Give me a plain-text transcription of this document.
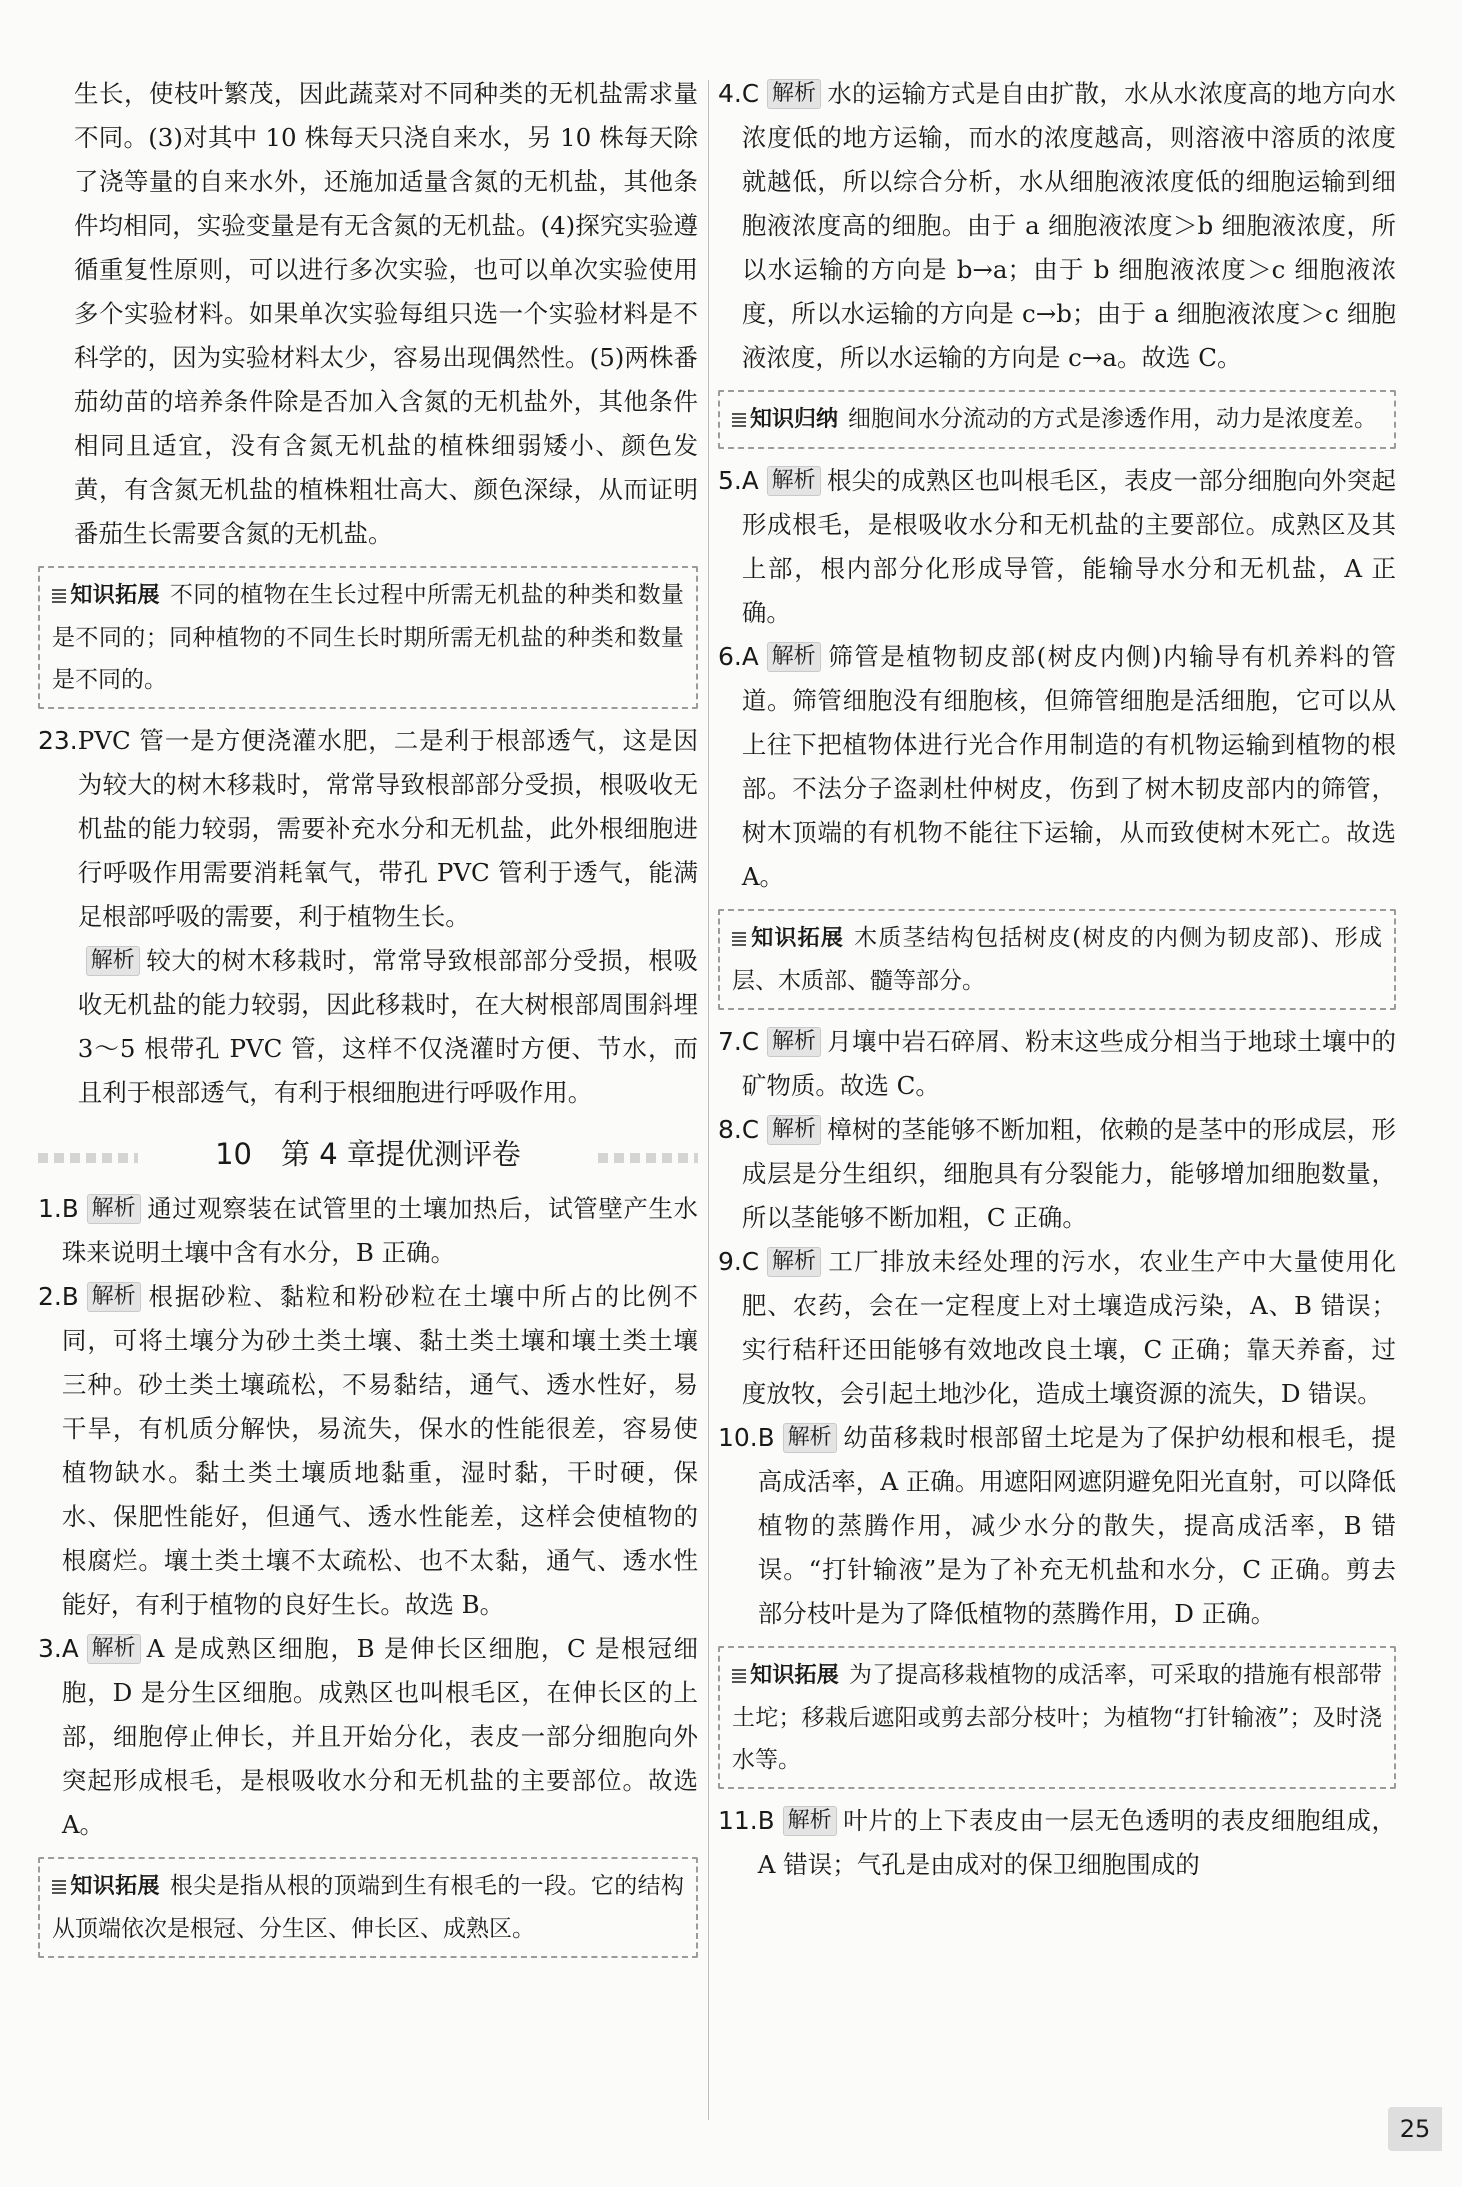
生长，使枝叶繁茂，因此蔬菜对不同种类的无机盐需求量不同。(3)对其中 10 株每天只浇自来水，另 10 株每天除了浇等量的自来水外，还施加适量含氮的无机盐，其他条件均相同，实验变量是有无含氮的无机盐。(4)探究实验遵循重复性原则，可以进行多次实验，也可以单次实验使用多个实验材料。如果单次实验每组只选一个实验材料是不科学的，因为实验材料太少，容易出现偶然性。(5)两株番茄幼苗的培养条件除是否加入含氮的无机盐外，其他条件相同且适宜，没有含氮无机盐的植株细弱矮小、颜色发黄，有含氮无机盐的植株粗壮高大、颜色深绿，从而证明番茄生长需要含氮的无机盐。

知识拓展 不同的植物在生长过程中所需无机盐的种类和数量是不同的；同种植物的不同生长时期所需无机盐的种类和数量是不同的。

23. PVC 管一是方便浇灌水肥，二是利于根部透气，这是因为较大的树木移栽时，常常导致根部部分受损，根吸收无机盐的能力较弱，需要补充水分和无机盐，此外根细胞进行呼吸作用需要消耗氧气，带孔 PVC 管利于透气，能满足根部呼吸的需要，利于植物生长。

解析 较大的树木移栽时，常常导致根部部分受损，根吸收无机盐的能力较弱，因此移栽时，在大树根部周围斜埋 3～5 根带孔 PVC 管，这样不仅浇灌时方便、节水，而且利于根部透气，有利于根细胞进行呼吸作用。

10　第 4 章提优测评卷
1. B 解析 通过观察装在试管里的土壤加热后，试管壁产生水珠来说明土壤中含有水分，B 正确。

2. B 解析 根据砂粒、黏粒和粉砂粒在土壤中所占的比例不同，可将土壤分为砂土类土壤、黏土类土壤和壤土类土壤三种。砂土类土壤疏松，不易黏结，通气、透水性好，易干旱，有机质分解快，易流失，保水的性能很差，容易使植物缺水。黏土类土壤质地黏重，湿时黏，干时硬，保水、保肥性能好，但通气、透水性能差，这样会使植物的根腐烂。壤土类土壤不太疏松、也不太黏，通气、透水性能好，有利于植物的良好生长。故选 B。

3. A 解析 A 是成熟区细胞，B 是伸长区细胞，C 是根冠细胞，D 是分生区细胞。成熟区也叫根毛区，在伸长区的上部，细胞停止伸长，并且开始分化，表皮一部分细胞向外突起形成根毛，是根吸收水分和无机盐的主要部位。故选 A。

知识拓展 根尖是指从根的顶端到生有根毛的一段。它的结构从顶端依次是根冠、分生区、伸长区、成熟区。

4. C 解析 水的运输方式是自由扩散，水从水浓度高的地方向水浓度低的地方运输，而水的浓度越高，则溶液中溶质的浓度就越低，所以综合分析，水从细胞液浓度低的细胞运输到细胞液浓度高的细胞。由于 a 细胞液浓度＞b 细胞液浓度，所以水运输的方向是 b→a；由于 b 细胞液浓度＞c 细胞液浓度，所以水运输的方向是 c→b；由于 a 细胞液浓度＞c 细胞液浓度，所以水运输的方向是 c→a。故选 C。

知识归纳 细胞间水分流动的方式是渗透作用，动力是浓度差。

5. A 解析 根尖的成熟区也叫根毛区，表皮一部分细胞向外突起形成根毛，是根吸收水分和无机盐的主要部位。成熟区及其上部，根内部分化形成导管，能输导水分和无机盐，A 正确。

6. A 解析 筛管是植物韧皮部(树皮内侧)内输导有机养料的管道。筛管细胞没有细胞核，但筛管细胞是活细胞，它可以从上往下把植物体进行光合作用制造的有机物运输到植物的根部。不法分子盗剥杜仲树皮，伤到了树木韧皮部内的筛管，树木顶端的有机物不能往下运输，从而致使树木死亡。故选 A。

知识拓展 木质茎结构包括树皮(树皮的内侧为韧皮部)、形成层、木质部、髓等部分。

7. C 解析 月壤中岩石碎屑、粉末这些成分相当于地球土壤中的矿物质。故选 C。

8. C 解析 樟树的茎能够不断加粗，依赖的是茎中的形成层，形成层是分生组织，细胞具有分裂能力，能够增加细胞数量，所以茎能够不断加粗，C 正确。

9. C 解析 工厂排放未经处理的污水，农业生产中大量使用化肥、农药，会在一定程度上对土壤造成污染，A、B 错误；实行秸秆还田能够有效地改良土壤，C 正确；靠天养畜，过度放牧，会引起土地沙化，造成土壤资源的流失，D 错误。

10. B 解析 幼苗移栽时根部留土坨是为了保护幼根和根毛，提高成活率，A 正确。用遮阳网遮阴避免阳光直射，可以降低植物的蒸腾作用，减少水分的散失，提高成活率，B 错误。“打针输液”是为了补充无机盐和水分，C 正确。剪去部分枝叶是为了降低植物的蒸腾作用，D 正确。

知识拓展 为了提高移栽植物的成活率，可采取的措施有根部带土坨；移栽后遮阳或剪去部分枝叶；为植物“打针输液”；及时浇水等。

11. B 解析 叶片的上下表皮由一层无色透明的表皮细胞组成，A 错误；气孔是由成对的保卫细胞围成的

25
